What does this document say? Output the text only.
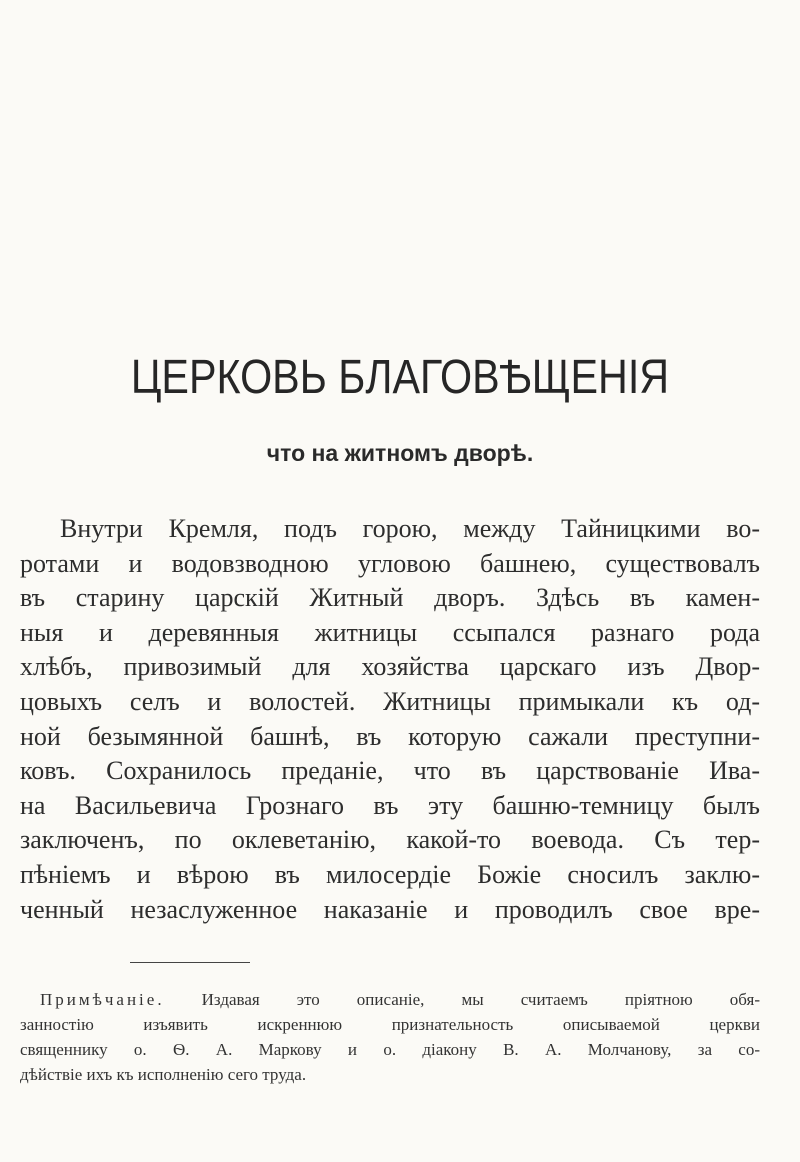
ЦЕРКОВЬ БЛАГОВѢЩЕНІЯ
что на житномъ дворѣ.
Внутри Кремля, подъ горою, между Тайницкими во-
ротами и водовзводною угловою башнею, существовалъ
въ старину царскій Житный дворъ. Здѣсь въ камен-
ныя и деревянныя житницы ссыпался разнаго рода
хлѣбъ, привозимый для хозяйства царскаго изъ Двор-
цовыхъ селъ и волостей. Житницы примыкали къ од-
ной безымянной башнѣ, въ которую сажали преступни-
ковъ. Сохранилось преданіе, что въ царствованіе Ива-
на Васильевича Грознаго въ эту башню-темницу былъ
заключенъ, по оклеветанію, какой-то воевода. Съ тер-
пѣніемъ и вѣрою въ милосердіе Божіе сносилъ заклю-
ченный незаслуженное наказаніе и проводилъ свое вре-
Примѣчаніе. Издавая это описаніе, мы считаемъ пріятною обя-
занностію изъявить искреннюю признательность описываемой церкви
священнику о. Ѳ. А. Маркову и о. діакону В. А. Молчанову, за со-
дѣйствіе ихъ къ исполненію сего труда.
